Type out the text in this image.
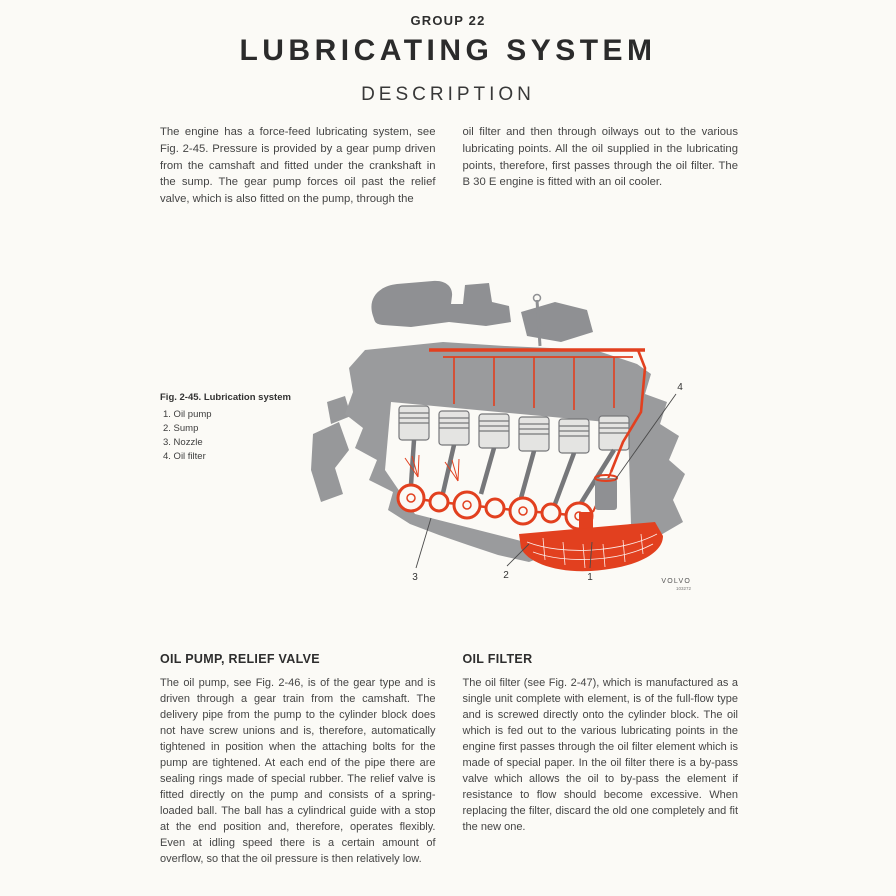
GROUP 22
LUBRICATING SYSTEM
DESCRIPTION

The engine has a force-feed lubricating system, see Fig. 2-45. Pressure is provided by a gear pump driven from the camshaft and fitted under the crankshaft in the sump. The gear pump forces oil past the relief valve, which is also fitted on the pump, through the

oil filter and then through oilways out to the various lubricating points. All the oil supplied in the lubricating points, therefore, first passes through the oil filter. The B 30 E engine is fitted with an oil cooler.

Fig. 2-45. Lubrication system
1. Oil pump
2. Sump
3. Nozzle
4. Oil filter
1
2
3
4
VOLVO
103272
OIL PUMP, RELIEF VALVE

The oil pump, see Fig. 2-46, is of the gear type and is driven through a gear train from the camshaft. The delivery pipe from the pump to the cylinder block does not have screw unions and is, therefore, automatically tightened in position when the attaching bolts for the pump are tightened. At each end of the pipe there are sealing rings made of special rubber. The relief valve is fitted directly on the pump and consists of a spring-loaded ball. The ball has a cylindrical guide with a stop at the end position and, therefore, operates flexibly. Even at idling speed there is a certain amount of overflow, so that the oil pressure is then relatively low.

OIL FILTER

The oil filter (see Fig. 2-47), which is manufactured as a single unit complete with element, is of the full-flow type and is screwed directly onto the cylinder block. The oil which is fed out to the various lubricating points in the engine first passes through the oil filter element which is made of special paper. In the oil filter there is a by-pass valve which allows the oil to by-pass the element if resistance to flow should become excessive. When replacing the filter, discard the old one completely and fit the new one.
